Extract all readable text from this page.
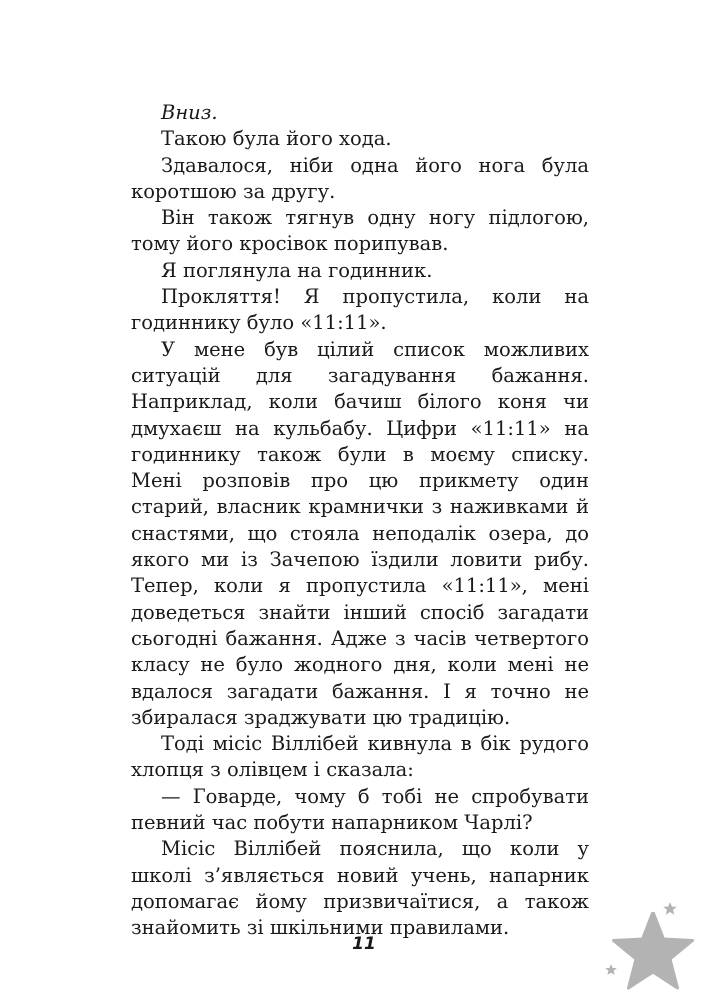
Вниз.

Такою була його хода.

Здавалося, ніби одна його нога була коротшою за другу.

Він також тягнув одну ногу підлогою, тому його кросівок порипував.

Я поглянула на годинник.

Прокляття! Я пропустила, коли на годиннику було «11:11».

У мене був цілий список можливих ситуацій для загадування бажання. Наприклад, коли бачиш білого коня чи дмухаєш на кульбабу. Цифри «11:11» на годиннику також були в моєму списку. Мені розповів про цю прикмету один старий, власник крамнички з наживками й снастями, що стояла неподалік озера, до якого ми із Зачепою їздили ловити рибу. Тепер, коли я пропустила «11:11», мені доведеться знайти інший спосіб загадати сьогодні бажання. Адже з часів четвертого класу не було жодного дня, коли мені не вдалося загадати бажання. І я точно не збиралася зраджувати цю традицію.

Тоді місіс Віллібей кивнула в бік рудого хлопця з олівцем і сказала:

— Говарде, чому б тобі не спробувати певний час побути напарником Чарлі?

Місіс Віллібей пояснила, що коли у школі з’являється новий учень, напарник допомагає йому призвичаїтися, а також знайомить зі шкільними правилами.

11
